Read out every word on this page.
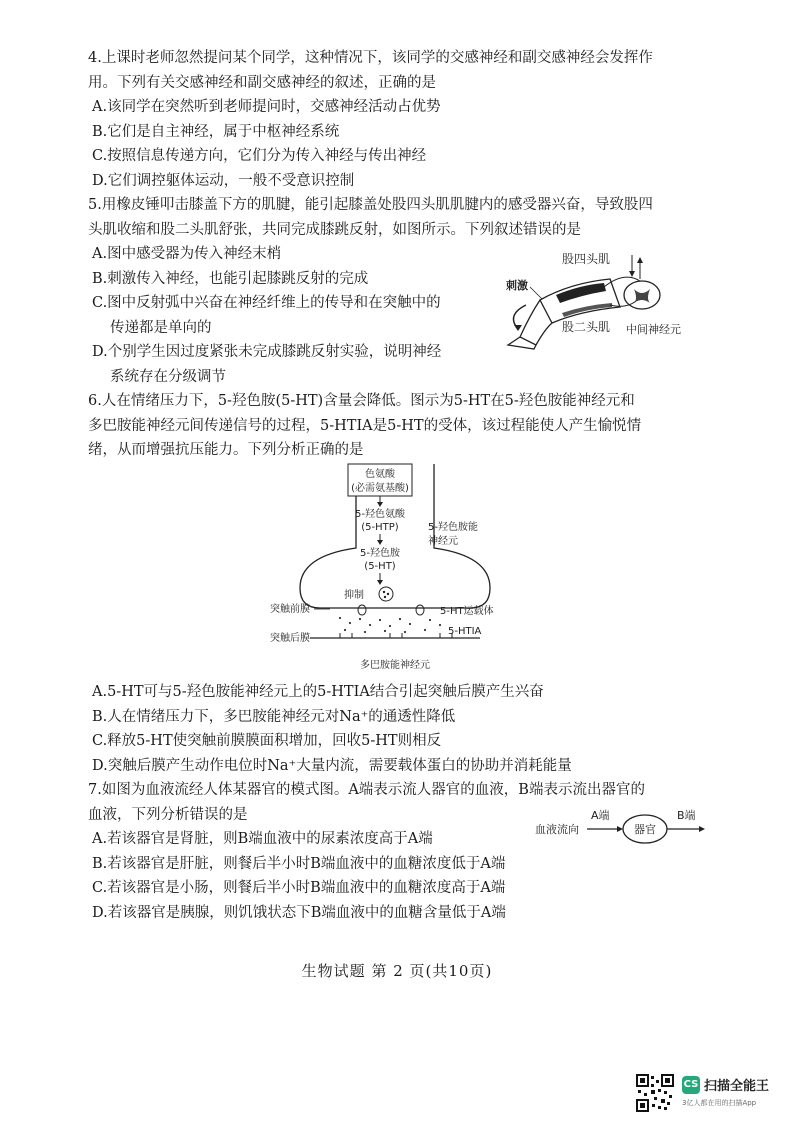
4.上课时老师忽然提问某个同学，这种情况下，该同学的交感神经和副交感神经会发挥作
用。下列有关交感神经和副交感神经的叙述，正确的是
A.该同学在突然听到老师提问时，交感神经活动占优势
B.它们是自主神经，属于中枢神经系统
C.按照信息传递方向，它们分为传入神经与传出神经
D.它们调控躯体运动，一般不受意识控制
5.用橡皮锤叩击膝盖下方的肌腱，能引起膝盖处股四头肌肌腱内的感受器兴奋，导致股四
头肌收缩和股二头肌舒张，共同完成膝跳反射，如图所示。下列叙述错误的是
A.图中感受器为传入神经末梢
B.刺激传入神经，也能引起膝跳反射的完成
C.图中反射弧中兴奋在神经纤维上的传导和在突触中的
传递都是单向的
D.个别学生因过度紧张未完成膝跳反射实验，说明神经
系统存在分级调节
股四头肌
刺激
股二头肌 中间神经元
6.人在情绪压力下，5-羟色胺(5-HT)含量会降低。图示为5-HT在5-羟色胺能神经元和
多巴胺能神经元间传递信号的过程，5-HTIA是5-HT的受体，该过程能使人产生愉悦情
绪，从而增强抗压能力。下列分析正确的是
色氨酸
(必需氨基酸)
5-羟色氨酸
(5-HTP)
5-羟色胺
(5-HT)
5-羟色胺能
神经元
抑制
突触前膜	5-HT运载体
突触后膜
5-HTIA
多巴胺能神经元
A.5-HT可与5-羟色胺能神经元上的5-HTIA结合引起突触后膜产生兴奋
B.人在情绪压力下，多巴胺能神经元对Na⁺的通透性降低
C.释放5-HT使突触前膜膜面积增加，回收5-HT则相反
D.突触后膜产生动作电位时Na⁺大量内流，需要载体蛋白的协助并消耗能量
7.如图为血液流经人体某器官的模式图。A端表示流人器官的血液，B端表示流出器官的
血液，下列分析错误的是
A.若该器官是肾脏，则B端血液中的尿素浓度高于A端
B.若该器官是肝脏，则餐后半小时B端血液中的血糖浓度低于A端
C.若该器官是小肠，则餐后半小时B端血液中的血糖浓度高于A端
D.若该器官是胰腺，则饥饿状态下B端血液中的血糖含量低于A端
血液流向
A端
器官
B端
生物试题 第 2 页(共10页)
CS 扫描全能王
3亿人都在用的扫描App
